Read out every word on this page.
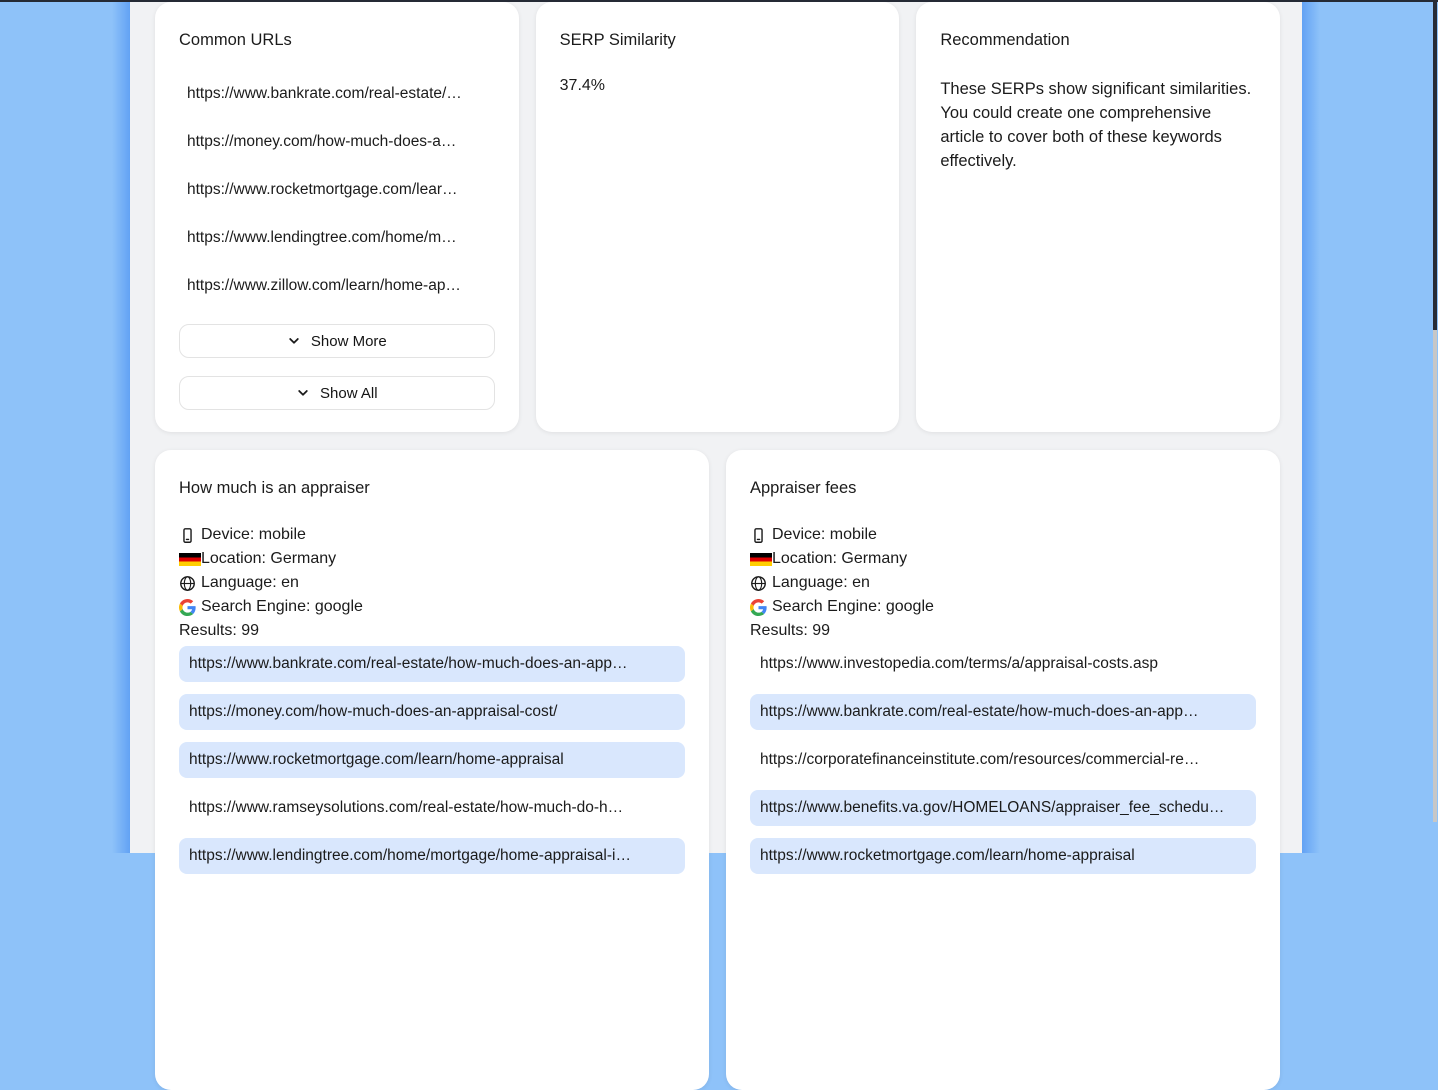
Common URLs
https://www.bankrate.com/real-estate/…
https://money.com/how-much-does-a…
https://www.rocketmortgage.com/lear…
https://www.lendingtree.com/home/m…
https://www.zillow.com/learn/home-ap…
Show More
Show All
SERP Similarity
37.4%
Recommendation
These SERPs show significant similarities. You could create one comprehensive article to cover both of these keywords effectively.
How much is an appraiser
Device: mobile
Location: Germany
Language: en
Search Engine: google
Results: 99
https://www.bankrate.com/real-estate/how-much-does-an-app…
https://money.com/how-much-does-an-appraisal-cost/
https://www.rocketmortgage.com/learn/home-appraisal
https://www.ramseysolutions.com/real-estate/how-much-do-h…
https://www.lendingtree.com/home/mortgage/home-appraisal-i…
Appraiser fees
Device: mobile
Location: Germany
Language: en
Search Engine: google
Results: 99
https://www.investopedia.com/terms/a/appraisal-costs.asp
https://www.bankrate.com/real-estate/how-much-does-an-app…
https://corporatefinanceinstitute.com/resources/commercial-re…
https://www.benefits.va.gov/HOMELOANS/appraiser_fee_schedu…
https://www.rocketmortgage.com/learn/home-appraisal
